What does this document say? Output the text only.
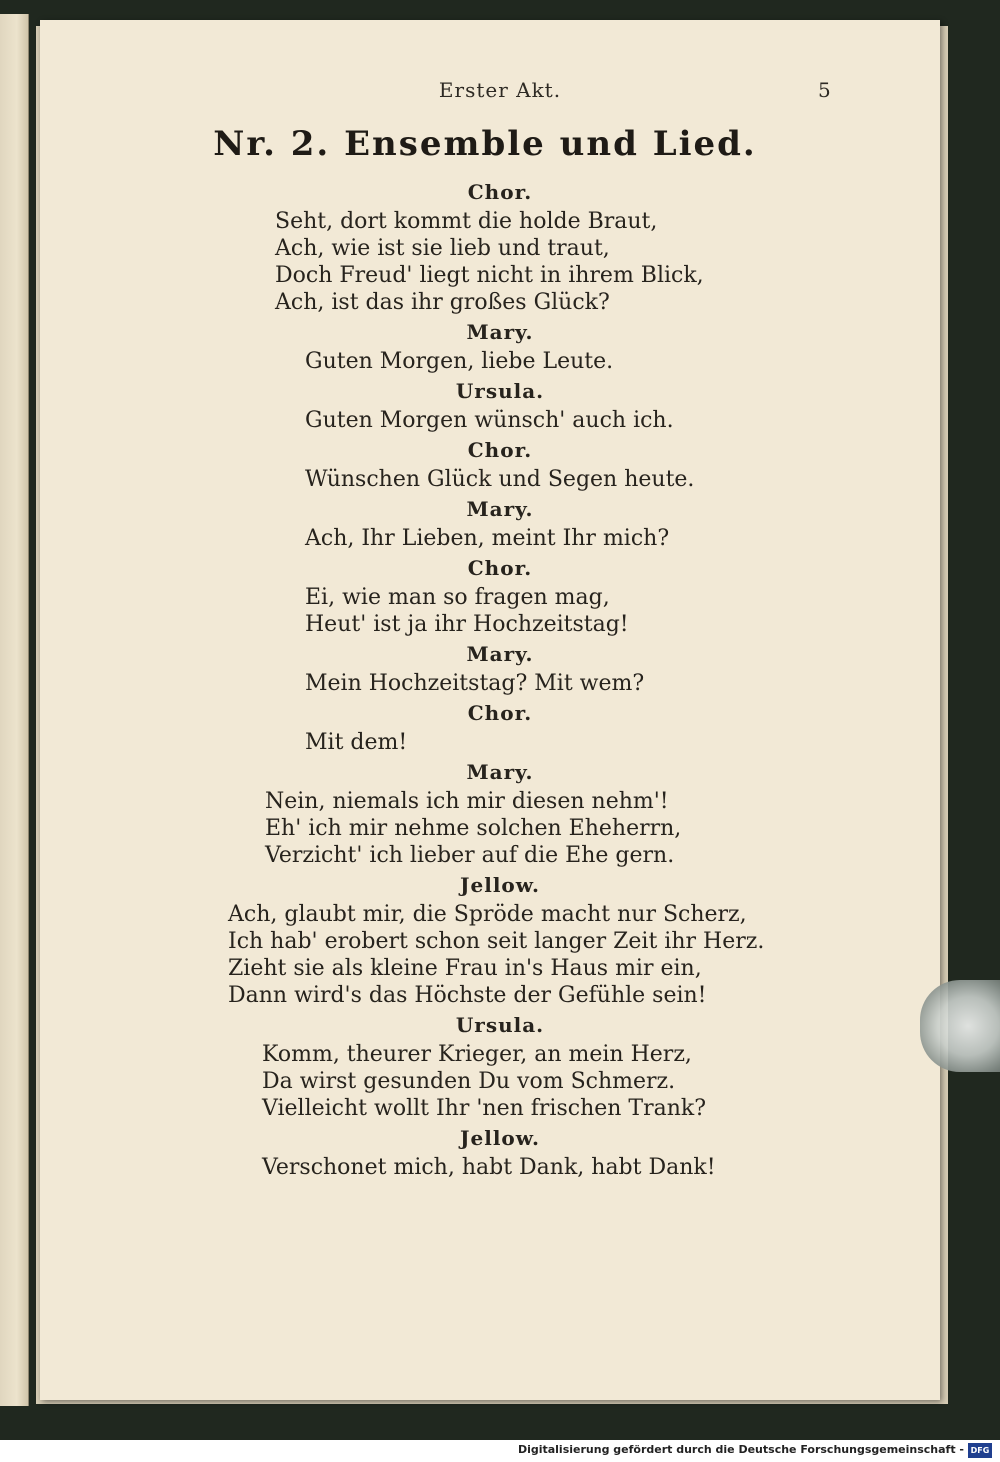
Erster Akt.	5
Nr. 2. Ensemble und Lied.
Chor.
Seht, dort kommt die holde Braut,
Ach, wie ist sie lieb und traut,
Doch Freud' liegt nicht in ihrem Blick,
Ach, ist das ihr großes Glück?
Mary.
Guten Morgen, liebe Leute.
Ursula.
Guten Morgen wünsch' auch ich.
Chor.
Wünschen Glück und Segen heute.
Mary.
Ach, Ihr Lieben, meint Ihr mich?
Chor.
Ei, wie man so fragen mag,
Heut' ist ja ihr Hochzeitstag!
Mary.
Mein Hochzeitstag? Mit wem?
Chor.
Mit dem!
Mary.
Nein, niemals ich mir diesen nehm'!
Eh' ich mir nehme solchen Eheherrn,
Verzicht' ich lieber auf die Ehe gern.
Jellow.
Ach, glaubt mir, die Spröde macht nur Scherz,
Ich hab' erobert schon seit langer Zeit ihr Herz.
Zieht sie als kleine Frau in's Haus mir ein,
Dann wird's das Höchste der Gefühle sein!
Ursula.
Komm, theurer Krieger, an mein Herz,
Da wirst gesunden Du vom Schmerz.
Vielleicht wollt Ihr 'nen frischen Trank?
Jellow.
Verschonet mich, habt Dank, habt Dank!
Digitalisierung gefördert durch die Deutsche Forschungsgemeinschaft - DFG
